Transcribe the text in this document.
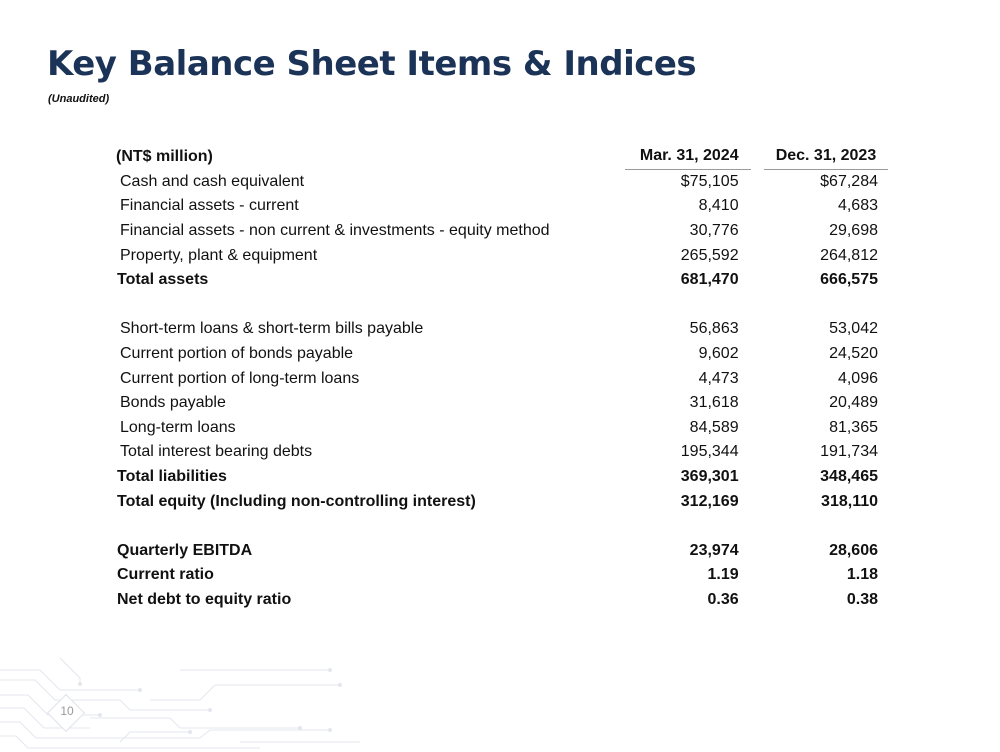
Key Balance Sheet Items & Indices

(Unaudited)

(NT$ million)	Mar. 31, 2024		Dec. 31, 2023
Cash and cash equivalent	$75,105		$67,284
Financial assets - current	8,410		4,683
Financial assets - non current & investments - equity method	30,776		29,698
Property, plant & equipment	265,592		264,812
Total assets	681,470		666,575

Short-term loans & short-term bills payable	56,863		53,042
Current portion of bonds payable	9,602		24,520
Current portion of long-term loans	4,473		4,096
Bonds payable	31,618		20,489
Long-term loans	84,589		81,365
Total interest bearing debts	195,344		191,734
Total liabilities	369,301		348,465
Total equity (Including non-controlling interest)	312,169		318,110

Quarterly EBITDA	23,974		28,606
Current ratio	1.19		1.18
Net debt to equity ratio	0.36		0.38
10
